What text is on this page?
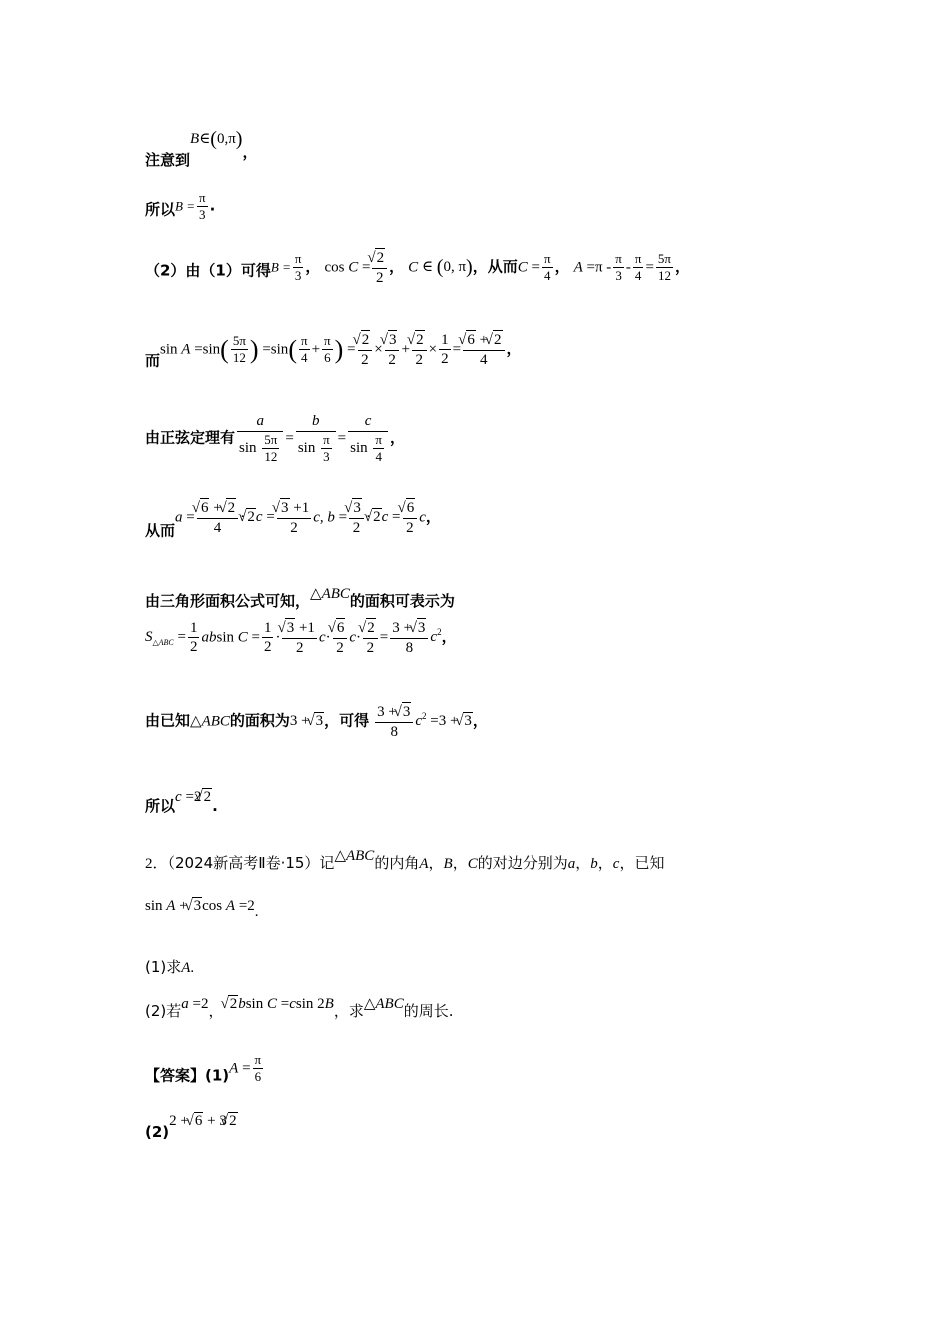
注意到B∈(0,π)，
所以$B = \frac{\pi}{3}$ .
（2）由（1）可得$B = \frac{\pi}{3}$ ， cos C = √ $\frac{2}{2}$ ， C ∈ (0, π)，从而$C = \frac{\pi}{4}$ ， $A =\pi - \frac{\pi}{3} - \frac{\pi}{4} = \frac{5\pi}{12}$ ，
而$\sin A =\sin( \frac{5\pi}{12}$ ) $=\sin( \frac{\pi}{4} + \frac{\pi}{6}$ ) = √ $\frac{2}{2}$ × √ $\frac{3}{2}$ + √ $\frac{2}{2} \times \frac{1}{2}$ = √ $\frac{6 + √ 2}{4}$ ，
由正弦定理有 $\frac{a}{\sin \frac{5\pi}{12}} = \frac{b}{\sin \frac{\pi}{3}} = \frac{c}{\sin \frac{\pi}{4}}$ ，
从而a = √ $\frac{6 + √ 2}{4}$ · √ 2c = √ $\frac{3 +1}{2} c$, b = √ $\frac{3}{2}$ · √ 2c = √ $\frac{6}{2}$ c，
由三角形面积公式可知，△ABC的面积可表示为
$S_{\triangle ABC} = \frac{1}{2}$ absin $C = \frac{1}{2}$ · √ $\frac{3 +1}{2} c\cdot$ √ $\frac{6}{2} c\cdot$ √ $\frac{2}{2} = \frac{3 + √ 3}{8} c^2$，
由已知△ABC的面积为3 + √ 3，可得 $\frac{3 + √ 3}{8} c^2 =3$ + √ 3，
所以c =2 √ 2.
2．（2024新高考Ⅱ卷·15）记△ABC的内角A，B，C的对边分别为a，b，c，已知
sin A + √ 3cos A =2.
(1)求A.
(2)若a =2， √ 2bsin C =csin 2B，求△ABC的周长.
【答案】$(1)A = \frac{\pi}{6}$
(2)2 + √ 6 + 3 √ 2
